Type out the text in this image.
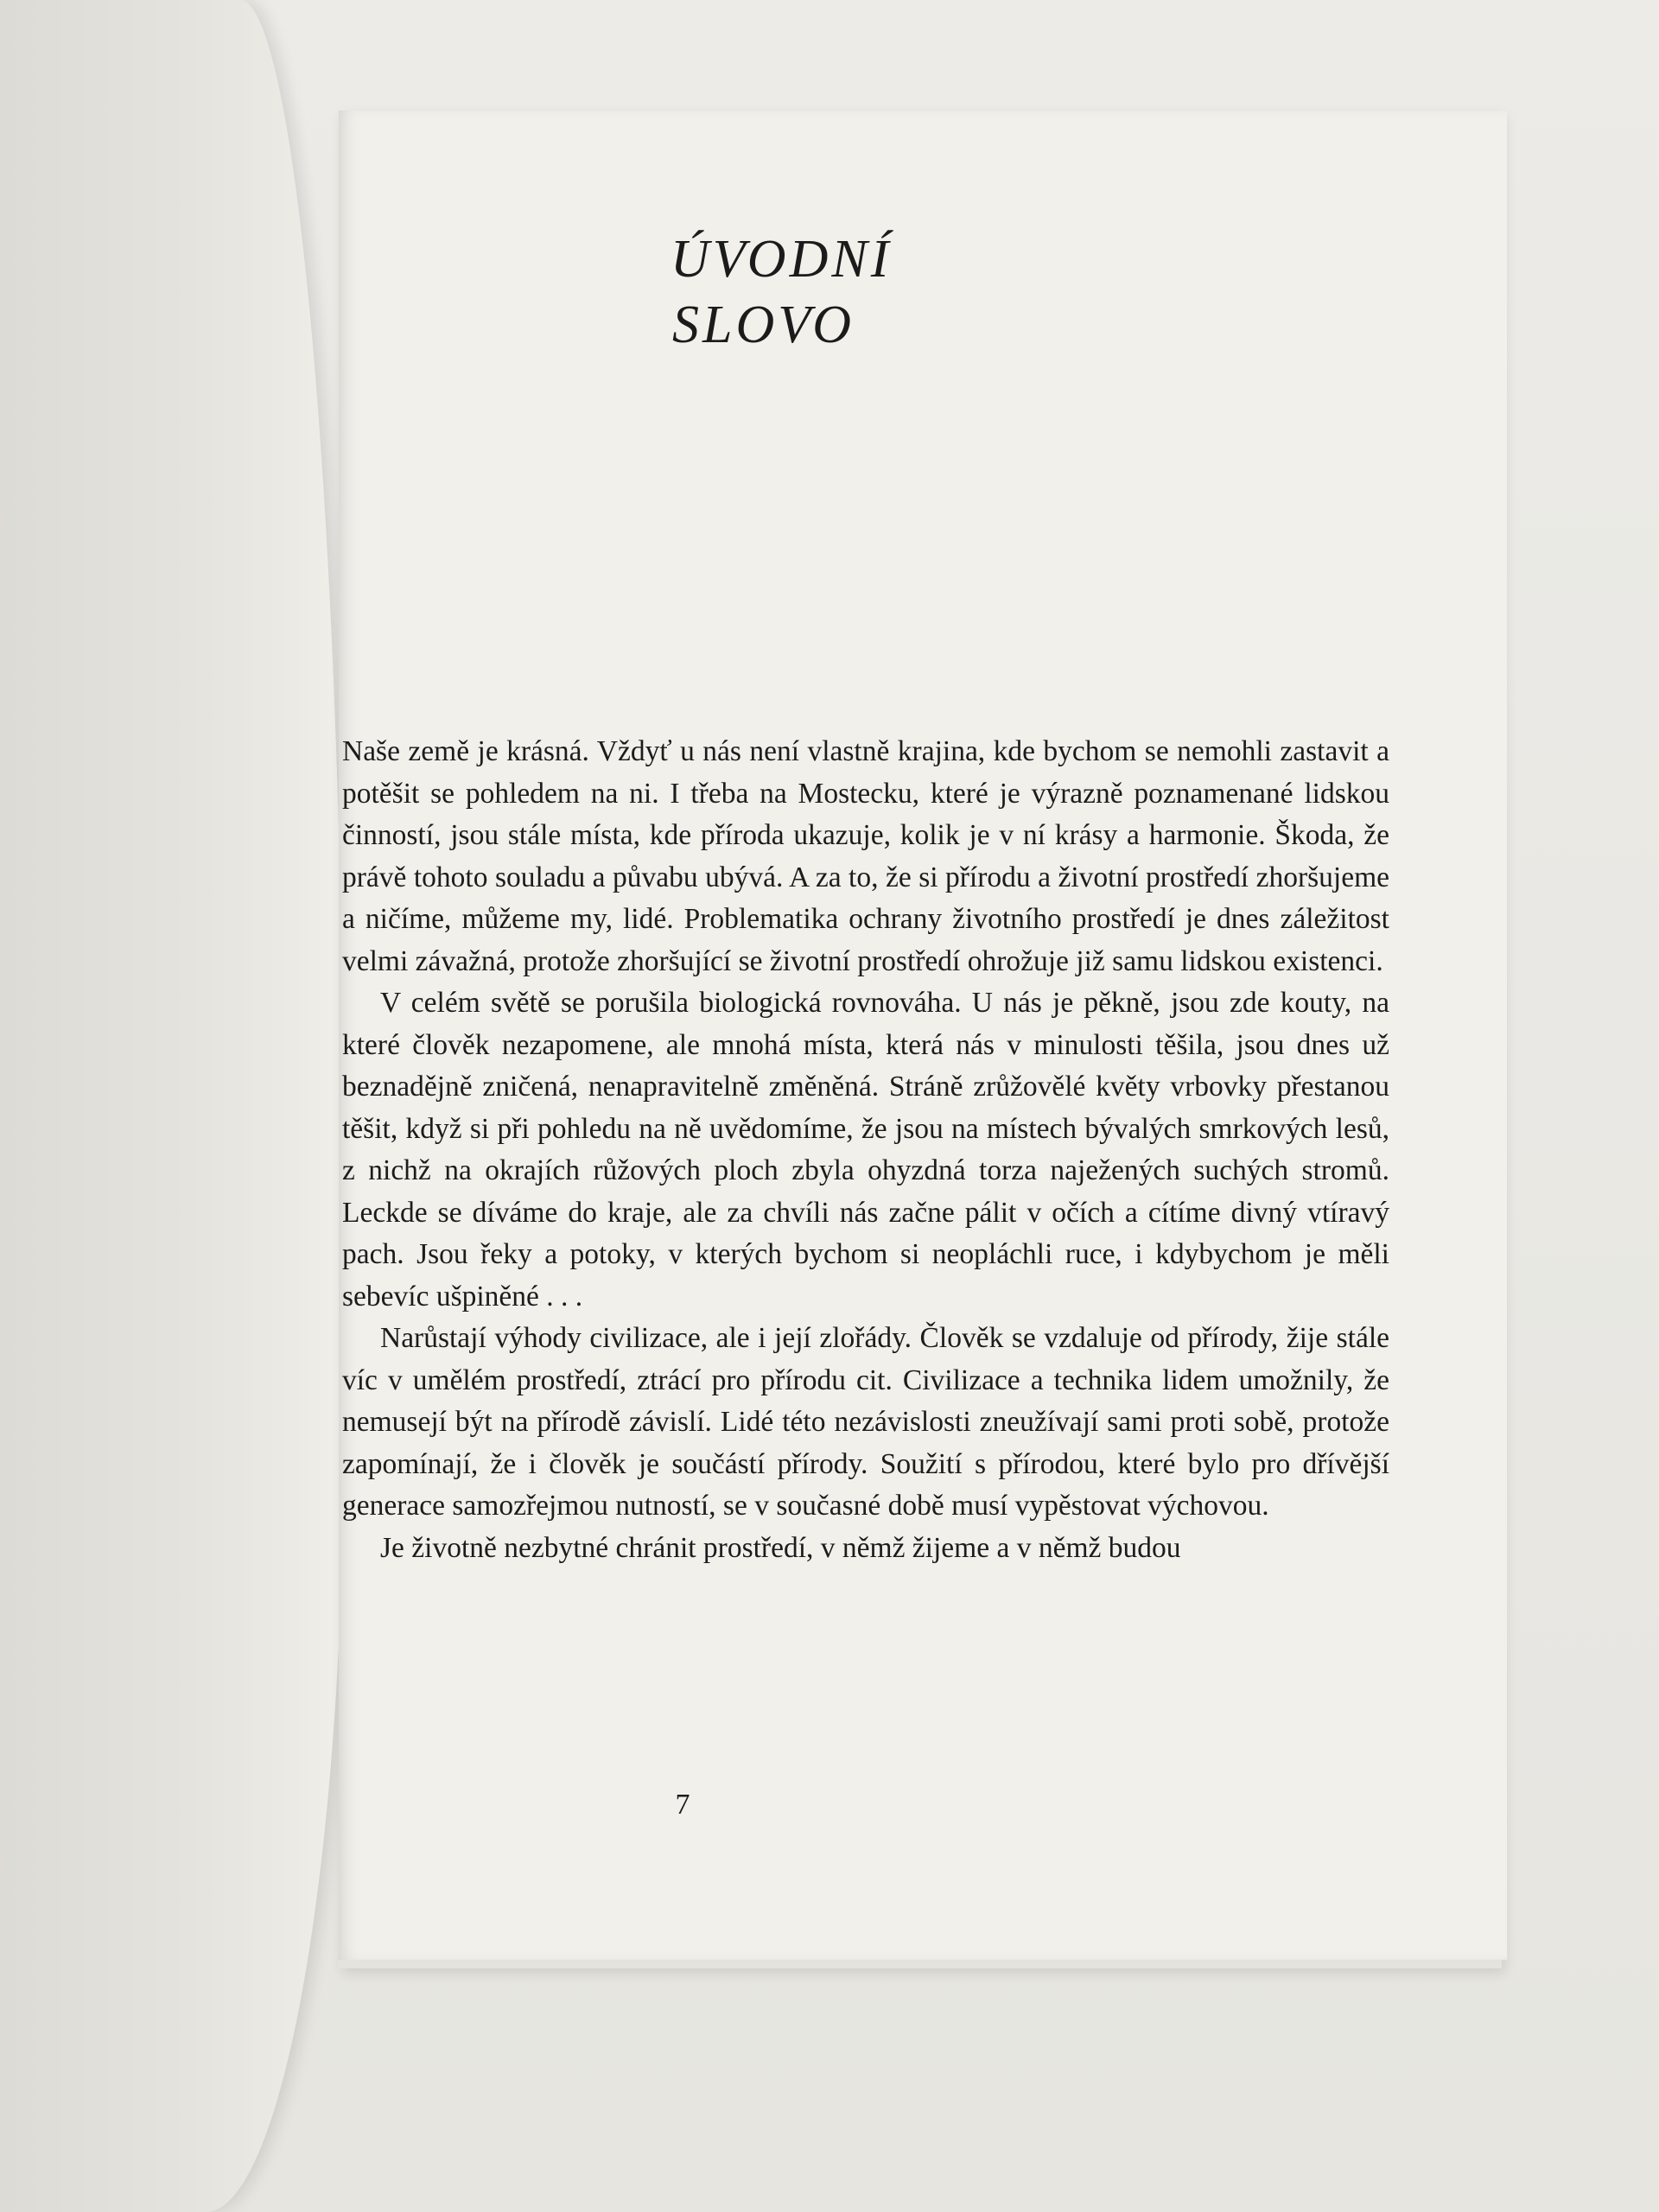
ÚVODNÍ
SLOVO

Naše země je krásná. Vždyť u nás není vlastně krajina, kde bychom se nemohli zastavit a potěšit se pohledem na ni. I třeba na Mostecku, které je výrazně poznamenané lidskou činností, jsou stále místa, kde příroda ukazuje, kolik je v ní krásy a harmonie. Škoda, že právě tohoto souladu a půvabu ubývá. A za to, že si přírodu a životní prostředí zhoršujeme a ničíme, můžeme my, lidé. Problematika ochrany životního prostředí je dnes záležitost velmi závažná, protože zhoršující se životní prostředí ohrožuje již samu lidskou existenci.

V celém světě se porušila biologická rovnováha. U nás je pěkně, jsou zde kouty, na které člověk nezapomene, ale mnohá místa, která nás v minulosti těšila, jsou dnes už beznadějně zničená, nenapravitelně změněná. Stráně zrůžovělé květy vrbovky přestanou těšit, když si při pohledu na ně uvědomíme, že jsou na místech bývalých smrkových lesů, z nichž na okrajích růžových ploch zbyla ohyzdná torza naježených suchých stromů. Leckde se díváme do kraje, ale za chvíli nás začne pálit v očích a cítíme divný vtíravý pach. Jsou řeky a potoky, v kterých bychom si neopláchli ruce, i kdybychom je měli sebevíc ušpiněné . . .

Narůstají výhody civilizace, ale i její zlořády. Člověk se vzdaluje od přírody, žije stále víc v umělém prostředí, ztrácí pro přírodu cit. Civilizace a technika lidem umožnily, že nemusejí být na přírodě závislí. Lidé této nezávislosti zneužívají sami proti sobě, protože zapomínají, že i člověk je součástí přírody. Soužití s přírodou, které bylo pro dřívější generace samozřejmou nutností, se v současné době musí vypěstovat výchovou.

Je životně nezbytné chránit prostředí, v němž žijeme a v němž budou

7
